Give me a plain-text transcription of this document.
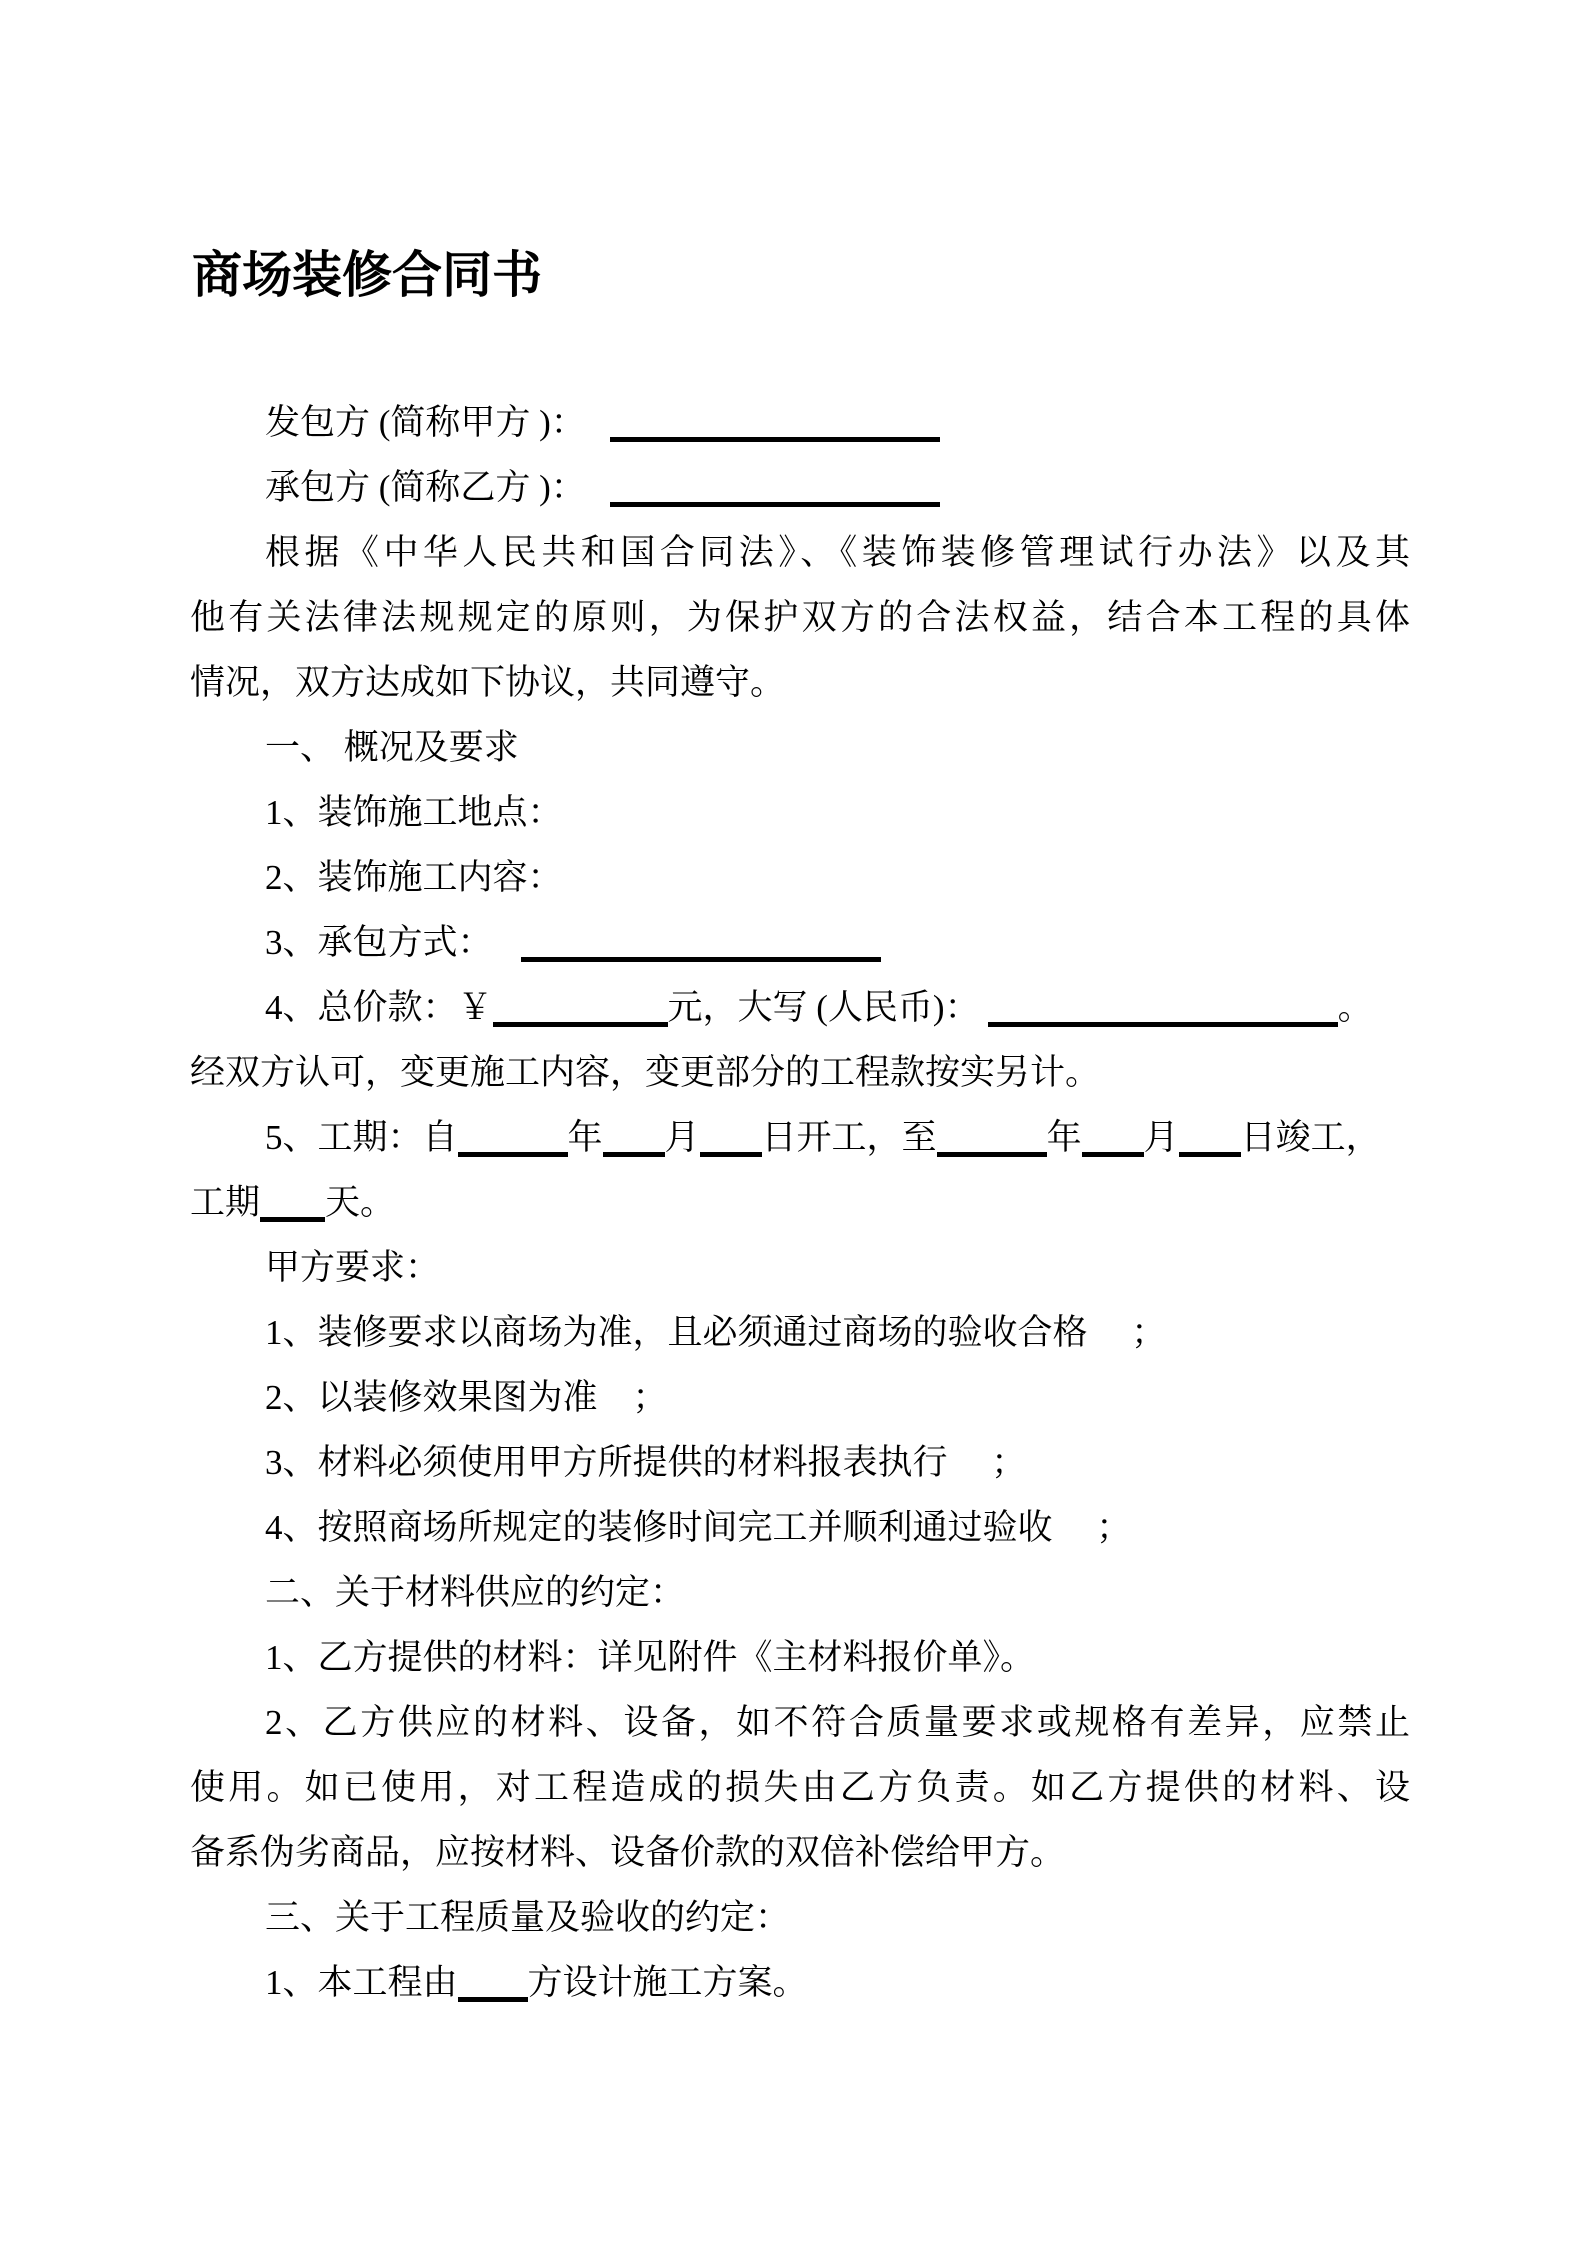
商场装修合同书
发包方 (简称甲方 )：
承包方 (简称乙方 )：
根据《中华人民共和国合同法》、《装饰装修管理试行办法》以及其
他有关法律法规规定的原则，为保护双方的合法权益，结合本工程的具体
情况，双方达成如下协议，共同遵守。
一、 概况及要求
1、装饰施工地点：
2、装饰施工内容：
3、承包方式：
4、总价款：￥	元，大写 (人民币)：	。
经双方认可，变更施工内容，变更部分的工程款按实另计。
5、工期：自	年 月 日开工，至	年 月 日竣工，
工期 天。
甲方要求：
1、装修要求以商场为准，且必须通过商场的验收合格　 ；
2、以装修效果图为准　；
3、材料必须使用甲方所提供的材料报表执行　 ；
4、按照商场所规定的装修时间完工并顺利通过验收　 ；
二、关于材料供应的约定：
1、乙方提供的材料：详见附件《主材料报价单》。
2、乙方供应的材料、设备，如不符合质量要求或规格有差异，应禁止
使用。如已使用，对工程造成的损失由乙方负责。如乙方提供的材料、设
备系伪劣商品，应按材料、设备价款的双倍补偿给甲方。
三、关于工程质量及验收的约定：
1、本工程由 方设计施工方案。
